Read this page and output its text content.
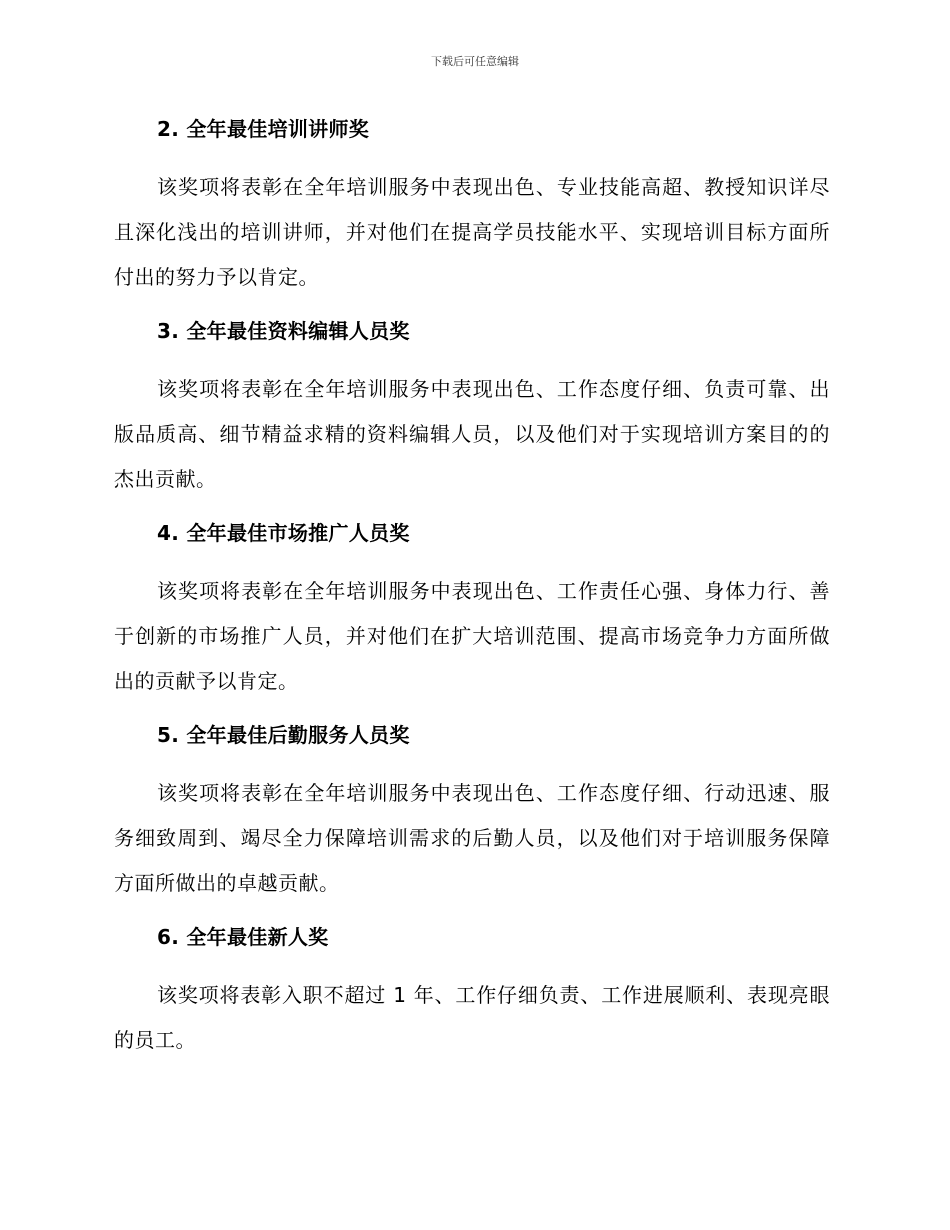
下载后可任意编辑
2. 全年最佳培训讲师奖

该奖项将表彰在全年培训服务中表现出色、专业技能高超、教授知识详尽且深化浅出的培训讲师，并对他们在提高学员技能水平、实现培训目标方面所付出的努力予以肯定。

3. 全年最佳资料编辑人员奖

该奖项将表彰在全年培训服务中表现出色、工作态度仔细、负责可靠、出版品质高、细节精益求精的资料编辑人员，以及他们对于实现培训方案目的的杰出贡献。

4. 全年最佳市场推广人员奖

该奖项将表彰在全年培训服务中表现出色、工作责任心强、身体力行、善于创新的市场推广人员，并对他们在扩大培训范围、提高市场竞争力方面所做出的贡献予以肯定。

5. 全年最佳后勤服务人员奖

该奖项将表彰在全年培训服务中表现出色、工作态度仔细、行动迅速、服务细致周到、竭尽全力保障培训需求的后勤人员，以及他们对于培训服务保障方面所做出的卓越贡献。

6. 全年最佳新人奖

该奖项将表彰入职不超过 1 年、工作仔细负责、工作进展顺利、表现亮眼的员工。
